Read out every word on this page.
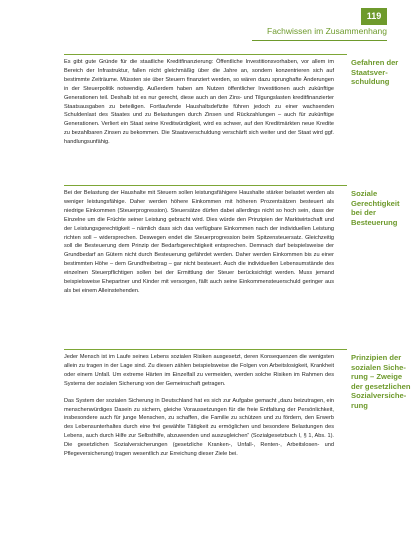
119
Fachwissen im Zusammenhang

Es gibt gute Gründe für die staatliche Kreditfinanzierung: Öffentliche Investitionsvorhaben, vor allem im Bereich der Infrastruktur, fallen nicht gleichmäßig über die Jahre an, sondern konzentrieren sich auf bestimmte Zeiträume. Müssten sie über Steuern finanziert werden, so wären dazu sprunghafte Änderungen in der Steuerpolitik notwendig. Außerdem haben am Nutzen öffentlicher Investitionen auch zukünftige Generationen teil. Deshalb ist es nur gerecht, diese auch an den Zins- und Tilgungslasten kreditfinanzierter Staatsausgaben zu beteiligen. Fortlaufende Haushaltsdefizite führen jedoch zu einer wachsenden Schuldenlast des Staates und zu Belastungen durch Zinsen und Rückzahlungen – auch für zukünftige Generationen. Verliert ein Staat seine Kreditwürdigkeit, wird es schwer, auf den Kreditmärkten neue Kredite zu bezahlbaren Zinsen zu bekommen. Die Staatsverschuldung verschärft sich weiter und der Staat wird ggf. handlungsunfähig.

Gefahren der Staatsver-schuldung

Bei der Belastung der Haushalte mit Steuern sollen leistungsfähigere Haushalte stärker belastet werden als weniger leistungsfähige. Daher werden höhere Einkommen mit höheren Prozentsätzen besteuert als niedrige Einkommen (Steuerprogression). Steuersätze dürfen dabei allerdings nicht so hoch sein, dass der Einzelne um die Früchte seiner Leistung gebracht wird. Dies würde den Prinzipien der Marktwirtschaft und der Leistungsgerechtigkeit – nämlich dass sich das verfügbare Einkommen nach der individuellen Leistung richten soll – widersprechen. Deswegen endet die Steuerprogression beim Spitzensteuersatz. Gleichzeitig soll die Besteuerung dem Prinzip der Bedarfsgerechtigkeit entsprechen. Demnach darf beispielsweise der Grundbedarf an Gütern nicht durch Besteuerung gefährdet werden. Daher werden Einkommen bis zu einer bestimmten Höhe – dem Grundfreibetrag – gar nicht besteuert. Auch die individuellen Lebensumstände des einzelnen Steuerpflichtigen sollen bei der Ermittlung der Steuer berücksichtigt werden. Muss jemand beispielsweise Ehepartner und Kinder mit versorgen, fällt auch seine Einkommensteuerschuld geringer aus als bei einem Alleinstehenden.

Soziale Gerechtigkeit bei der Besteuerung

Jeder Mensch ist im Laufe seines Lebens sozialen Risiken ausgesetzt, deren Konsequenzen die wenigsten allein zu tragen in der Lage sind. Zu diesen zählen beispielsweise die Folgen von Arbeitslosigkeit, Krankheit oder einem Unfall. Um extreme Härten im Einzelfall zu vermeiden, werden solche Risiken im Rahmen des Systems der sozialen Sicherung von der Gemeinschaft getragen.

Das System der sozialen Sicherung in Deutschland hat es sich zur Aufgabe gemacht „dazu beizutragen, ein menschenwürdiges Dasein zu sichern, gleiche Voraussetzungen für die freie Entfaltung der Persönlichkeit, insbesondere auch für junge Menschen, zu schaffen, die Familie zu schützen und zu fördern, den Erwerb des Lebensunterhaltes durch eine frei gewählte Tätigkeit zu ermöglichen und besondere Belastungen des Lebens, auch durch Hilfe zur Selbsthilfe, abzuwenden und auszugleichen“ (Sozialgesetzbuch I, § 1, Abs. 1). Die gesetzlichen Sozialversicherungen (gesetzliche Kranken-, Unfall-, Renten-, Arbeitslosen- und Pflegeversicherung) tragen wesentlich zur Erreichung dieser Ziele bei.

Prinzipien der sozialen Siche-rung – Zweige der gesetzlichen Sozialversiche-rung
